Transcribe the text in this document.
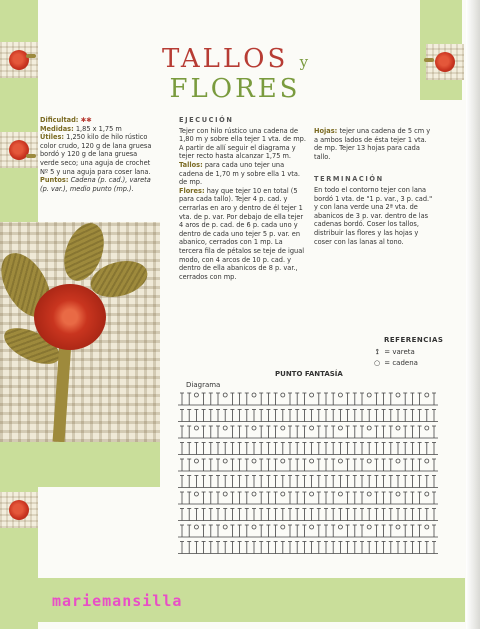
TALLOS y FLORES
Dificultad: ✱✱
Medidas: 1,85 x 1,75 m
Útiles: 1,250 kilo de hilo rústico color crudo, 120 g de lana gruesa bordó y 120 g de lana gruesa verde seco; una aguja de crochet Nº 5 y una aguja para coser lana.
Puntos: Cadena (p. cad.), vareta (p. var.), medio punto (mp.).
EJECUCIÓN
Tejer con hilo rústico una cadena de 1,80 m y sobre ella tejer 1 vta. de mp. A partir de allí seguir el diagrama y tejer recto hasta alcanzar 1,75 m.
Tallos: para cada uno tejer una cadena de 1,70 m y sobre ella 1 vta. de mp.
Flores: hay que tejer 10 en total (5 para cada tallo). Tejer 4 p. cad. y cerrarlas en aro y dentro de él tejer 1 vta. de p. var. Por debajo de ella tejer 4 aros de p. cad. de 6 p. cada uno y dentro de cada uno tejer 5 p. var. en abanico, cerrados con 1 mp. La tercera fila de pétalos se teje de igual modo, con 4 arcos de 10 p. cad. y dentro de ella abanicos de 8 p. var., cerrados con mp.
Hojas: tejer una cadena de 5 cm y a ambos lados de ésta tejer 1 vta. de mp. Tejer 13 hojas para cada tallo.
TERMINACIÓN
En todo el contorno tejer con lana bordó 1 vta. de "1 p. var., 3 p. cad." y con lana verde una 2ª vta. de abanicos de 3 p. var. dentro de las cadenas bordó. Coser los tallos, distribuir las flores y las hojas y coser con las lanas al tono.
REFERENCIAS
⟟ = vareta
○ = cadena
PUNTO FANTASÍA
Diagrama
mariemansilla
